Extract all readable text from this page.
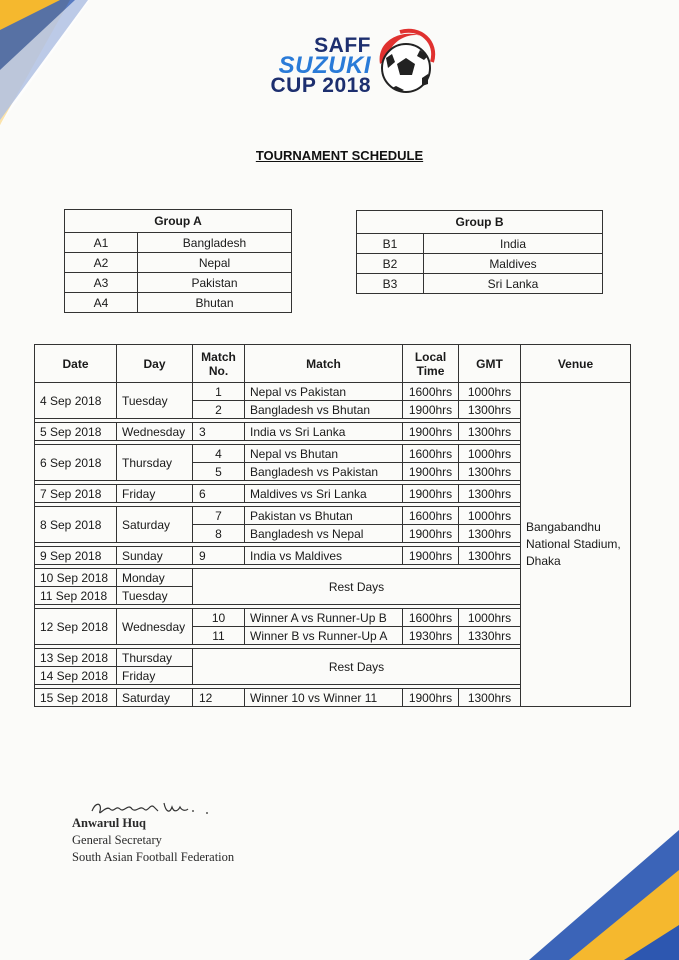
SAFF
SUZUKI
CUP 2018
TOURNAMENT SCHEDULE
Group A	
A1	Bangladesh
A2	Nepal
A3	Pakistan
A4	Bhutan
Group B	
B1	India
B2	Maldives
B3	Sri Lanka
Date	Day	Match No.	Match	Local Time	GMT	Venue
4 Sep 2018	Tuesday	1	Nepal vs Pakistan	1600hrs	1000hrs	Bangabandhu National Stadium, Dhaka
		2	Bangladesh vs Bhutan	1900hrs	1300hrs	

5 Sep 2018	Wednesday	3	India vs Sri Lanka	1900hrs	1300hrs	

6 Sep 2018	Thursday	4	Nepal vs Bhutan	1600hrs	1000hrs	
		5	Bangladesh vs Pakistan	1900hrs	1300hrs	

7 Sep 2018	Friday	6	Maldives vs Sri Lanka	1900hrs	1300hrs	

8 Sep 2018	Saturday	7	Pakistan vs Bhutan	1600hrs	1000hrs	
		8	Bangladesh vs Nepal	1900hrs	1300hrs	

9 Sep 2018	Sunday	9	India vs Maldives	1900hrs	1300hrs	

10 Sep 2018	Monday	Rest Days				
11 Sep 2018	Tuesday					

12 Sep 2018	Wednesday	10	Winner A vs Runner-Up B	1600hrs	1000hrs	
		11	Winner B vs Runner-Up A	1930hrs	1330hrs	

13 Sep 2018	Thursday	Rest Days				
14 Sep 2018	Friday					

15 Sep 2018	Saturday	12	Winner 10 vs Winner 11	1900hrs	1300hrs	
Anwarul Huq
General Secretary
South Asian Football Federation
